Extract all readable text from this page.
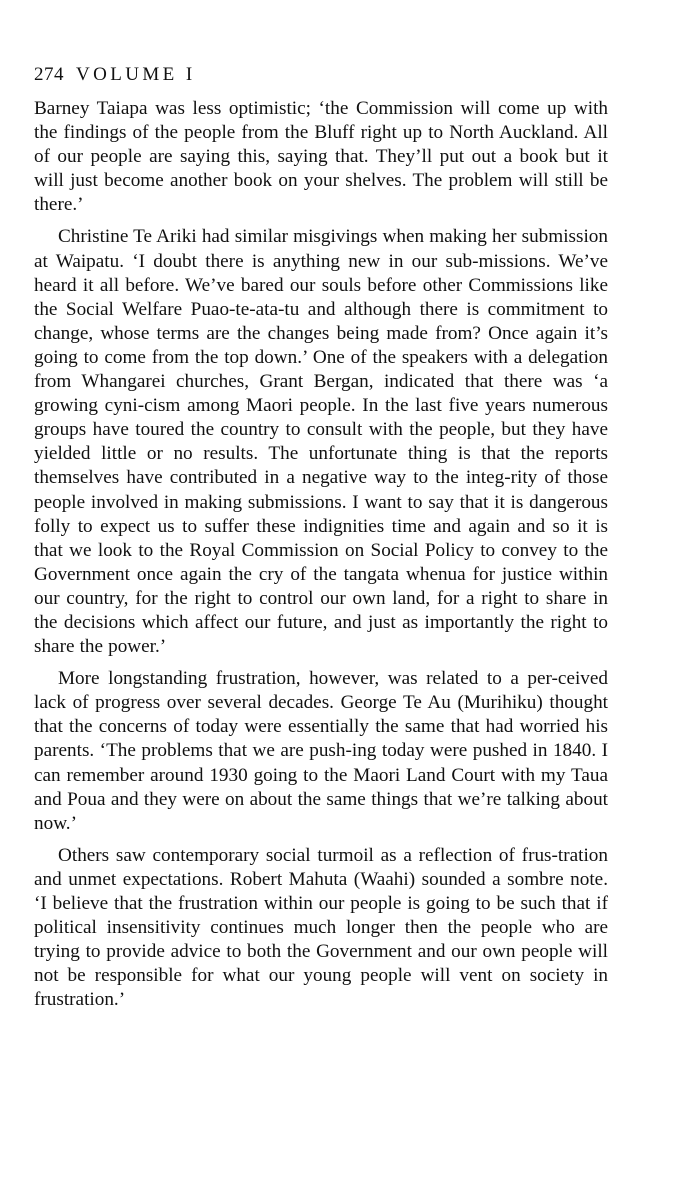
274 VOLUME I

Barney Taiapa was less optimistic; ‘the Commission will come up with the findings of the people from the Bluff right up to North Auckland. All of our people are saying this, saying that. They’ll put out a book but it will just become another book on your shelves. The problem will still be there.’

Christine Te Ariki had similar misgivings when making her submission at Waipatu. ‘I doubt there is anything new in our sub-missions. We’ve heard it all before. We’ve bared our souls before other Commissions like the Social Welfare Puao-te-ata-tu and although there is commitment to change, whose terms are the changes being made from? Once again it’s going to come from the top down.’ One of the speakers with a delegation from Whangarei churches, Grant Bergan, indicated that there was ‘a growing cyni-cism among Maori people. In the last five years numerous groups have toured the country to consult with the people, but they have yielded little or no results. The unfortunate thing is that the reports themselves have contributed in a negative way to the integ-rity of those people involved in making submissions. I want to say that it is dangerous folly to expect us to suffer these indignities time and again and so it is that we look to the Royal Commission on Social Policy to convey to the Government once again the cry of the tangata whenua for justice within our country, for the right to control our own land, for a right to share in the decisions which affect our future, and just as importantly the right to share the power.’

More longstanding frustration, however, was related to a per-ceived lack of progress over several decades. George Te Au (Murihiku) thought that the concerns of today were essentially the same that had worried his parents. ‘The problems that we are push-ing today were pushed in 1840. I can remember around 1930 going to the Maori Land Court with my Taua and Poua and they were on about the same things that we’re talking about now.’

Others saw contemporary social turmoil as a reflection of frus-tration and unmet expectations. Robert Mahuta (Waahi) sounded a sombre note. ‘I believe that the frustration within our people is going to be such that if political insensitivity continues much longer then the people who are trying to provide advice to both the Government and our own people will not be responsible for what our young people will vent on society in frustration.’
